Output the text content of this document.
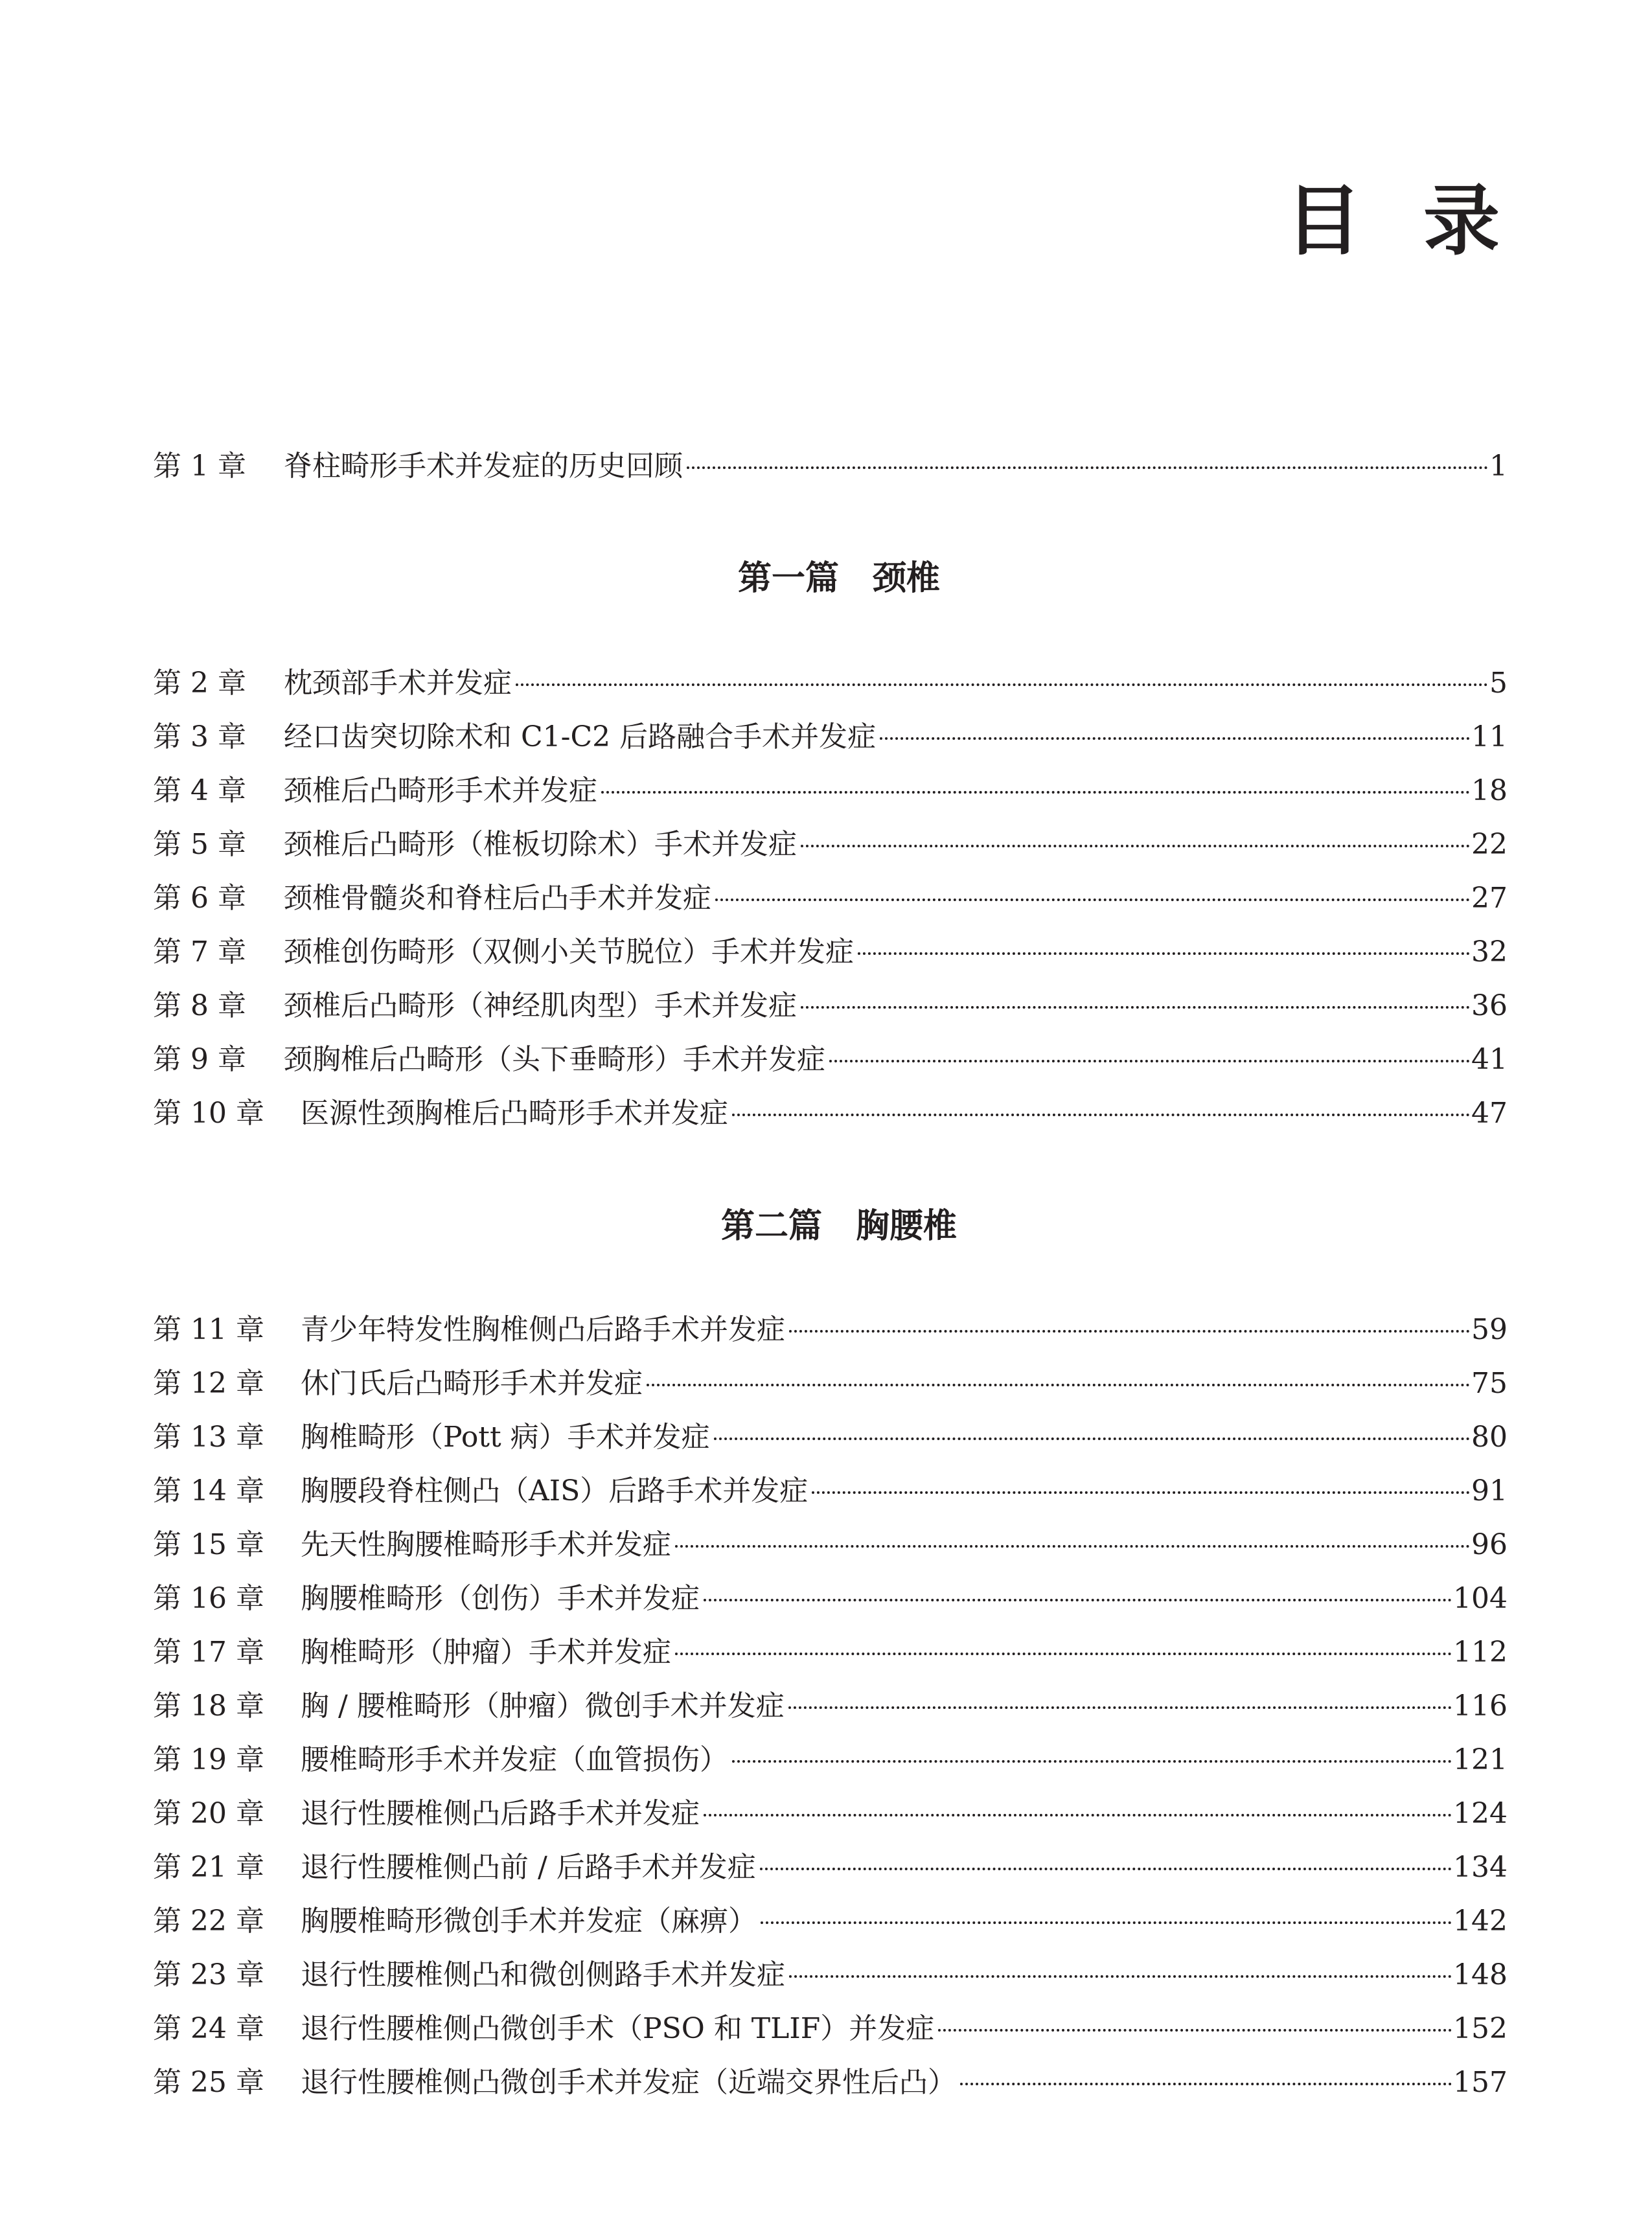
目 录
第 1 章 脊柱畸形手术并发症的历史回顾	1
第一篇 颈椎
第 2 章 枕颈部手术并发症	5
第 3 章 经口齿突切除术和 C1-C2 后路融合手术并发症	11
第 4 章 颈椎后凸畸形手术并发症	18
第 5 章 颈椎后凸畸形（椎板切除术）手术并发症	22
第 6 章 颈椎骨髓炎和脊柱后凸手术并发症	27
第 7 章 颈椎创伤畸形（双侧小关节脱位）手术并发症	32
第 8 章 颈椎后凸畸形（神经肌肉型）手术并发症	36
第 9 章 颈胸椎后凸畸形（头下垂畸形）手术并发症	41
第 10 章 医源性颈胸椎后凸畸形手术并发症	47
第二篇 胸腰椎
第 11 章 青少年特发性胸椎侧凸后路手术并发症	59
第 12 章 休门氏后凸畸形手术并发症	75
第 13 章 胸椎畸形（Pott 病）手术并发症	80
第 14 章 胸腰段脊柱侧凸（AIS）后路手术并发症	91
第 15 章 先天性胸腰椎畸形手术并发症	96
第 16 章 胸腰椎畸形（创伤）手术并发症	104
第 17 章 胸椎畸形（肿瘤）手术并发症	112
第 18 章 胸 / 腰椎畸形（肿瘤）微创手术并发症	116
第 19 章 腰椎畸形手术并发症（血管损伤）	121
第 20 章 退行性腰椎侧凸后路手术并发症	124
第 21 章 退行性腰椎侧凸前 / 后路手术并发症	134
第 22 章 胸腰椎畸形微创手术并发症（麻痹）	142
第 23 章 退行性腰椎侧凸和微创侧路手术并发症	148
第 24 章 退行性腰椎侧凸微创手术（PSO 和 TLIF）并发症	152
第 25 章 退行性腰椎侧凸微创手术并发症（近端交界性后凸）	157
